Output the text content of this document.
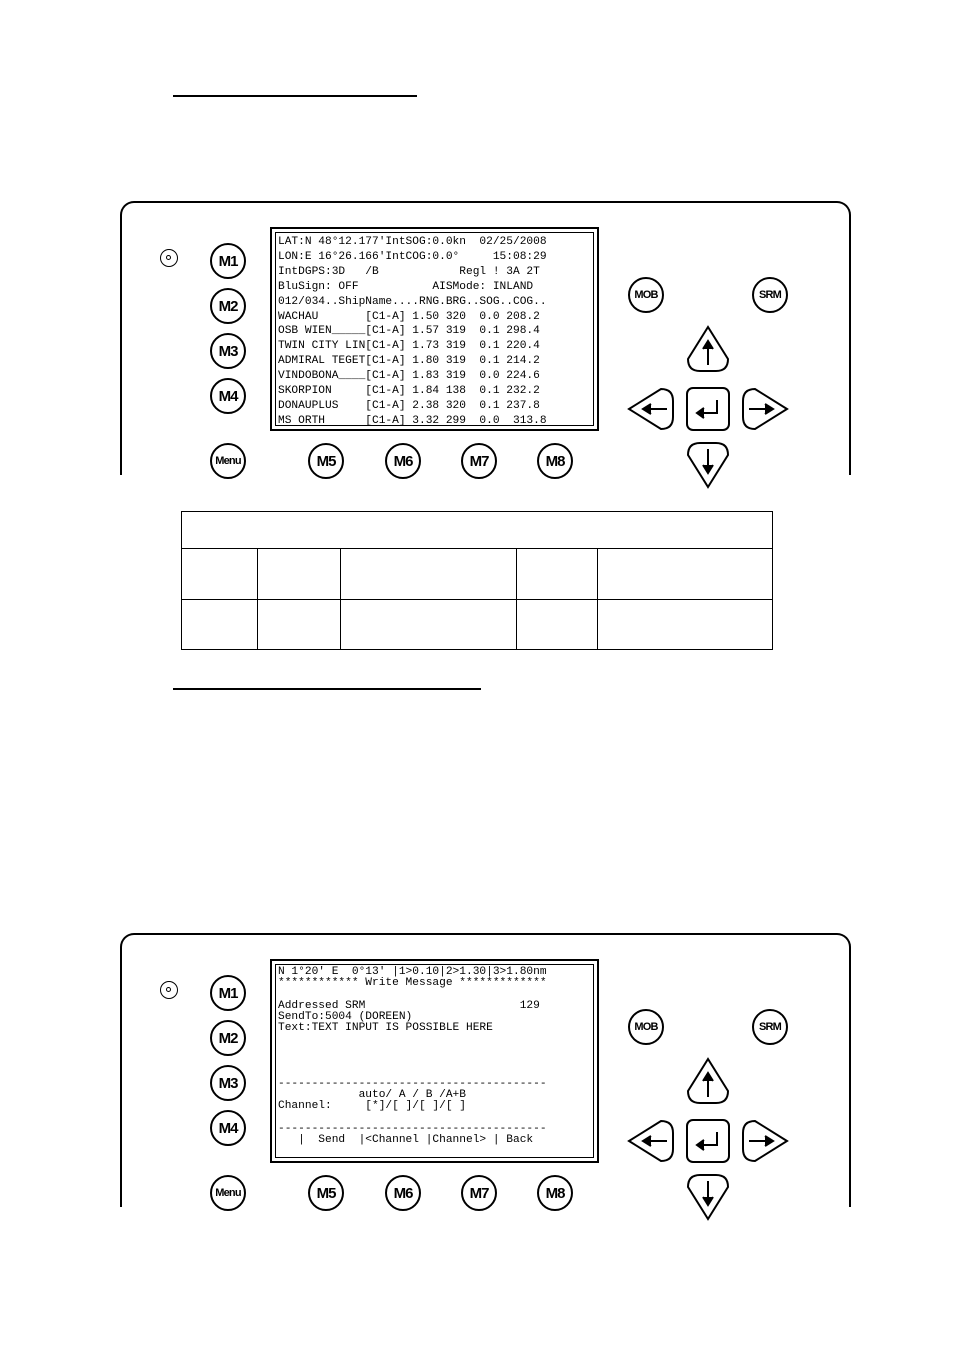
LAT:N 48°12.177'IntSOG:0.0kn  02/25/2008
LON:E 16°26.166'IntCOG:0.0°     15:08:29
IntDGPS:3D   /B            Regl ! 3A 2T
BluSign: OFF           AISMode: INLAND
012/034..ShipName....RNG.BRG..SOG..COG..
WACHAU       [C1-A] 1.50 320  0.0 208.2
OSB WIEN_____[C1-A] 1.57 319  0.1 298.4
TWIN CITY LIN[C1-A] 1.73 319  0.1 220.4
ADMIRAL TEGET[C1-A] 1.80 319  0.1 214.2
VINDOBONA____[C1-A] 1.83 319  0.0 224.6
SKORPION     [C1-A] 1.84 138  0.1 232.2
DONAUPLUS    [C1-A] 2.38 320  0.1 237.8
MS ORTH      [C1-A] 3.32 299  0.0  313.8
M1
M2
M3
M4
Menu	M5	M6	M7	M8
MOB	SRM
N 1°20' E  0°13' |1>0.10|2>1.30|3>1.80nm
************ Write Message *************

Addressed SRM                       129
SendTo:5004 (DOREEN)
Text:TEXT INPUT IS POSSIBLE HERE

----------------------------------------
auto/ A / B /A+B
Channel:     [*]/[ ]/[ ]/[ ]

----------------------------------------
|  Send  |<Channel |Channel> | Back
M1
M2
M3
M4
Menu	M5	M6	M7	M8
MOB	SRM
